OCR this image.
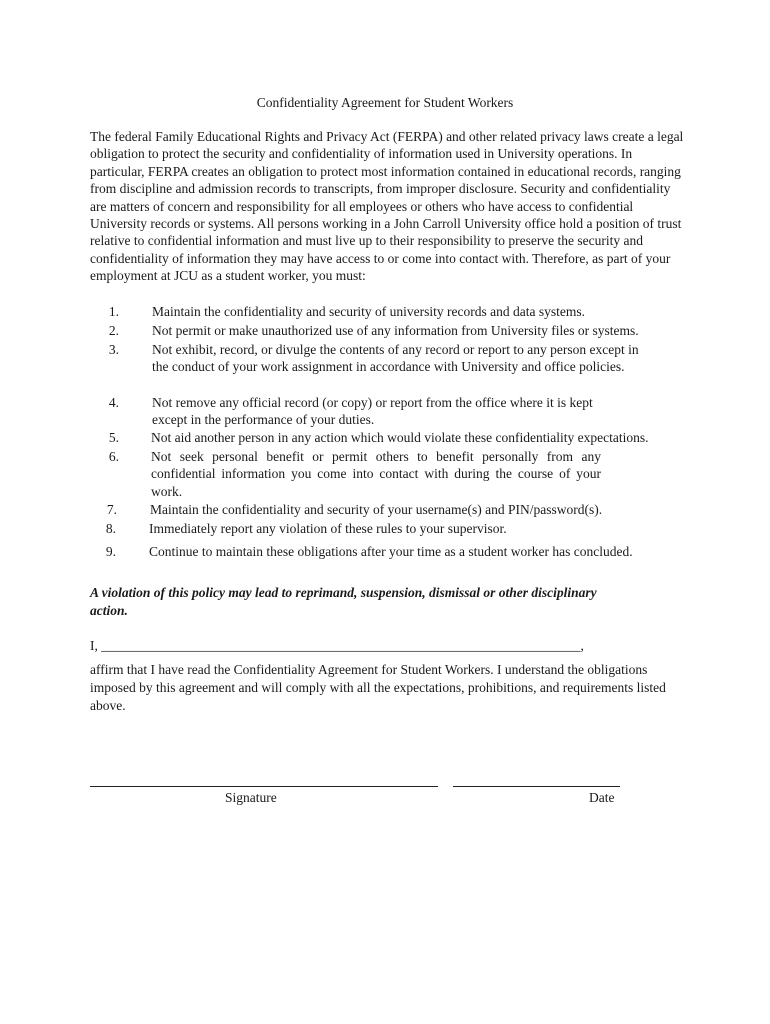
Confidentiality Agreement for Student Workers

The federal Family Educational Rights and Privacy Act (FERPA) and other related privacy laws create a legal obligation to protect the security and confidentiality of information used in University operations. In particular, FERPA creates an obligation to protect most information contained in educational records, ranging from discipline and admission records to transcripts, from improper disclosure. Security and confidentiality are matters of concern and responsibility for all employees or others who have access to confidential University records or systems. All persons working in a John Carroll University office hold a position of trust relative to confidential information and must live up to their responsibility to preserve the security and confidentiality of information they may have access to or come into contact with. Therefore, as part of your employment at JCU as a student worker, you must:

1. Maintain the confidentiality and security of university records and data systems.
2. Not permit or make unauthorized use of any information from University files or systems.
3. Not exhibit, record, or divulge the contents of any record or report to any person except in the conduct of your work assignment in accordance with University and office policies.
4. Not remove any official record (or copy) or report from the office where it is kept except in the performance of your duties.
5. Not aid another person in any action which would violate these confidentiality expectations.
6. Not seek personal benefit or permit others to benefit personally from any confidential information you come into contact with during the course of your work.
7. Maintain the confidentiality and security of your username(s) and PIN/password(s).
8. Immediately report any violation of these rules to your supervisor.
9. Continue to maintain these obligations after your time as a student worker has concluded.

A violation of this policy may lead to reprimand, suspension, dismissal or other disciplinary action.

I, _______________________________________________________________________,

affirm that I have read the Confidentiality Agreement for Student Workers. I understand the obligations imposed by this agreement and will comply with all the expectations, prohibitions, and requirements listed above.

Signature	Date
